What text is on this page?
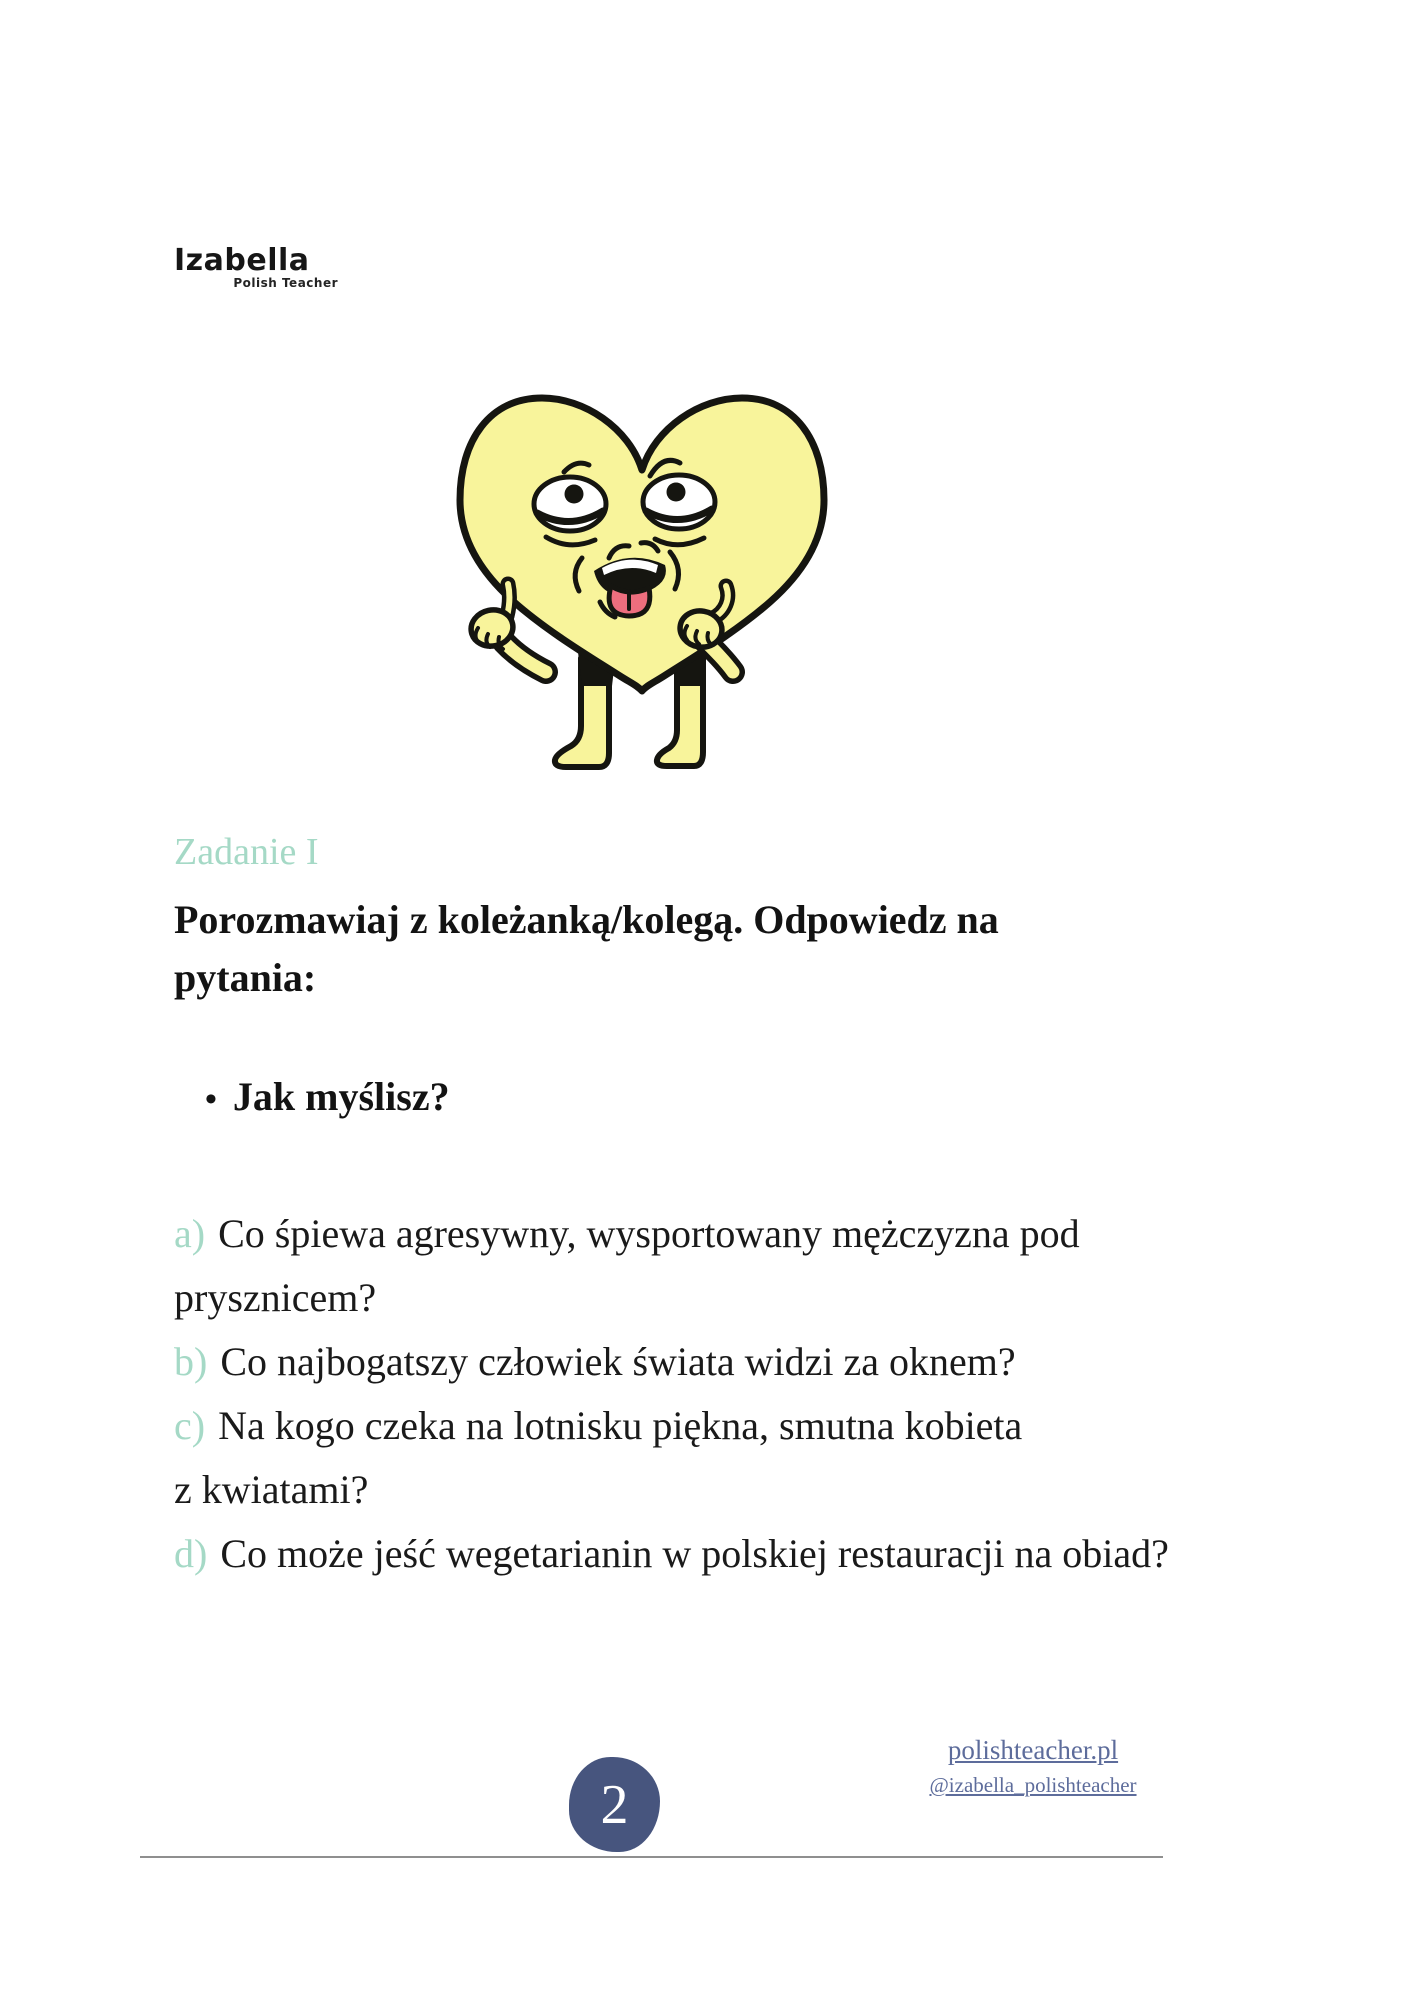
Izabella
Polish Teacher
Zadanie I

Porozmawiaj z koleżanką/kolegą. Odpowiedz na
pytania:

• Jak myślisz?
a) Co śpiewa agresywny, wysportowany mężczyzna pod
prysznicem?
b) Co najbogatszy człowiek świata widzi za oknem?
c) Na kogo czeka na lotnisku piękna, smutna kobieta
z kwiatami?
d) Co może jeść wegetarianin w polskiej restauracji na obiad?
2
polishteacher.pl
@izabella_polishteacher
